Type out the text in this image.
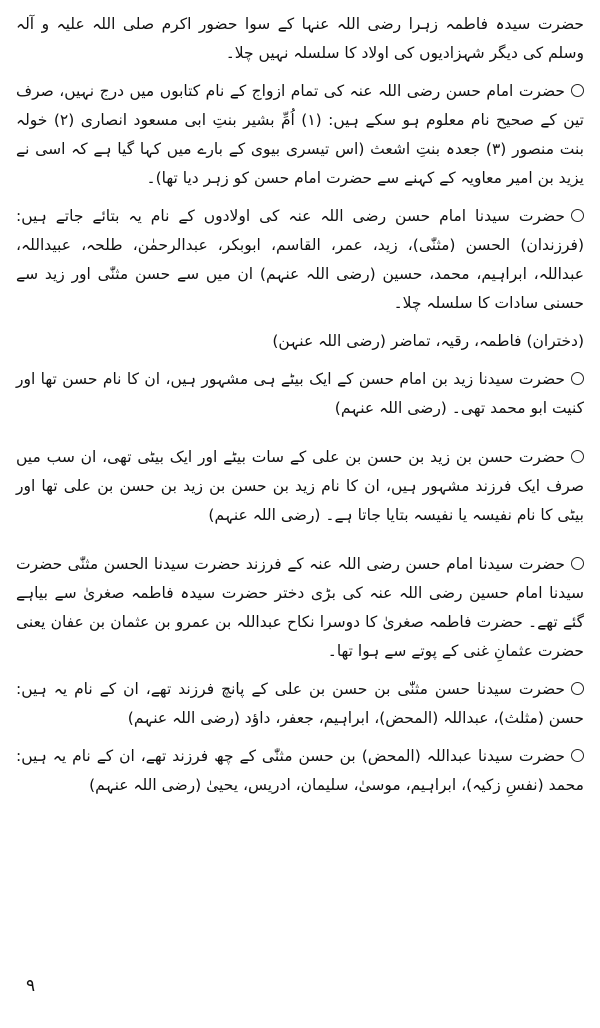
حضرت سیدہ فاطمہ زہرا رضی اللہ عنہا کے سوا حضور اکرم صلی اللہ علیہ و آلہ وسلم کی دیگر شہزادیوں کی اولاد کا سلسلہ نہیں چلا۔
حضرت امام حسن رضی اللہ عنہ کی تمام ازواج کے نام کتابوں میں درج نہیں، صرف تین کے صحیح نام معلوم ہو سکے ہیں: (۱) اُمِّ بشیر بنتِ ابی مسعود انصاری (۲) خولہ بنت منصور (۳) جعدہ بنتِ اشعث (اس تیسری بیوی کے بارے میں کہا گیا ہے کہ اسی نے یزید بن امیر معاویہ کے کہنے سے حضرت امام حسن کو زہر دیا تھا)۔
حضرت سیدنا امام حسن رضی اللہ عنہ کی اولادوں کے نام یہ بتائے جاتے ہیں: (فرزندان) الحسن (مثنّٰی)، زید، عمر، القاسم، ابوبکر، عبدالرحمٰن، طلحہ، عبیداللہ، عبداللہ، ابراہیم، محمد، حسین (رضی اللہ عنہم) ان میں سے حسن مثنّٰی اور زید سے حسنی سادات کا سلسلہ چلا۔
(دختران) فاطمہ، رقیہ، تماضر (رضی اللہ عنہن)
حضرت سیدنا زید بن امام حسن کے ایک بیٹے ہی مشہور ہیں، ان کا نام حسن تھا اور کنیت ابو محمد تھی۔ (رضی اللہ عنہم)
حضرت حسن بن زید بن حسن بن علی کے سات بیٹے اور ایک بیٹی تھی، ان سب میں صرف ایک فرزند مشہور ہیں، ان کا نام زید بن حسن بن زید بن حسن بن علی تھا اور بیٹی کا نام نفیسہ یا نفیسہ بتایا جاتا ہے۔ (رضی اللہ عنہم)
حضرت سیدنا امام حسن رضی اللہ عنہ کے فرزند حضرت سیدنا الحسن مثنّٰی حضرت سیدنا امام حسین رضی اللہ عنہ کی بڑی دختر حضرت سیدہ فاطمہ صغریٰ سے بیاہے گئے تھے۔ حضرت فاطمہ صغریٰ کا دوسرا نکاح عبداللہ بن عمرو بن عثمان بن عفان یعنی حضرت عثمانِ غنی کے پوتے سے ہوا تھا۔
حضرت سیدنا حسن مثنّٰی بن حسن بن علی کے پانچ فرزند تھے، ان کے نام یہ ہیں: حسن (مثلث)، عبداللہ (المحض)، ابراہیم، جعفر، داؤد (رضی اللہ عنہم)
حضرت سیدنا عبداللہ (المحض) بن حسن مثنّٰی کے چھ فرزند تھے، ان کے نام یہ ہیں: محمد (نفسِ زکیہ)، ابراہیم، موسیٰ، سلیمان، ادریس، یحییٰ (رضی اللہ عنہم)
۹
